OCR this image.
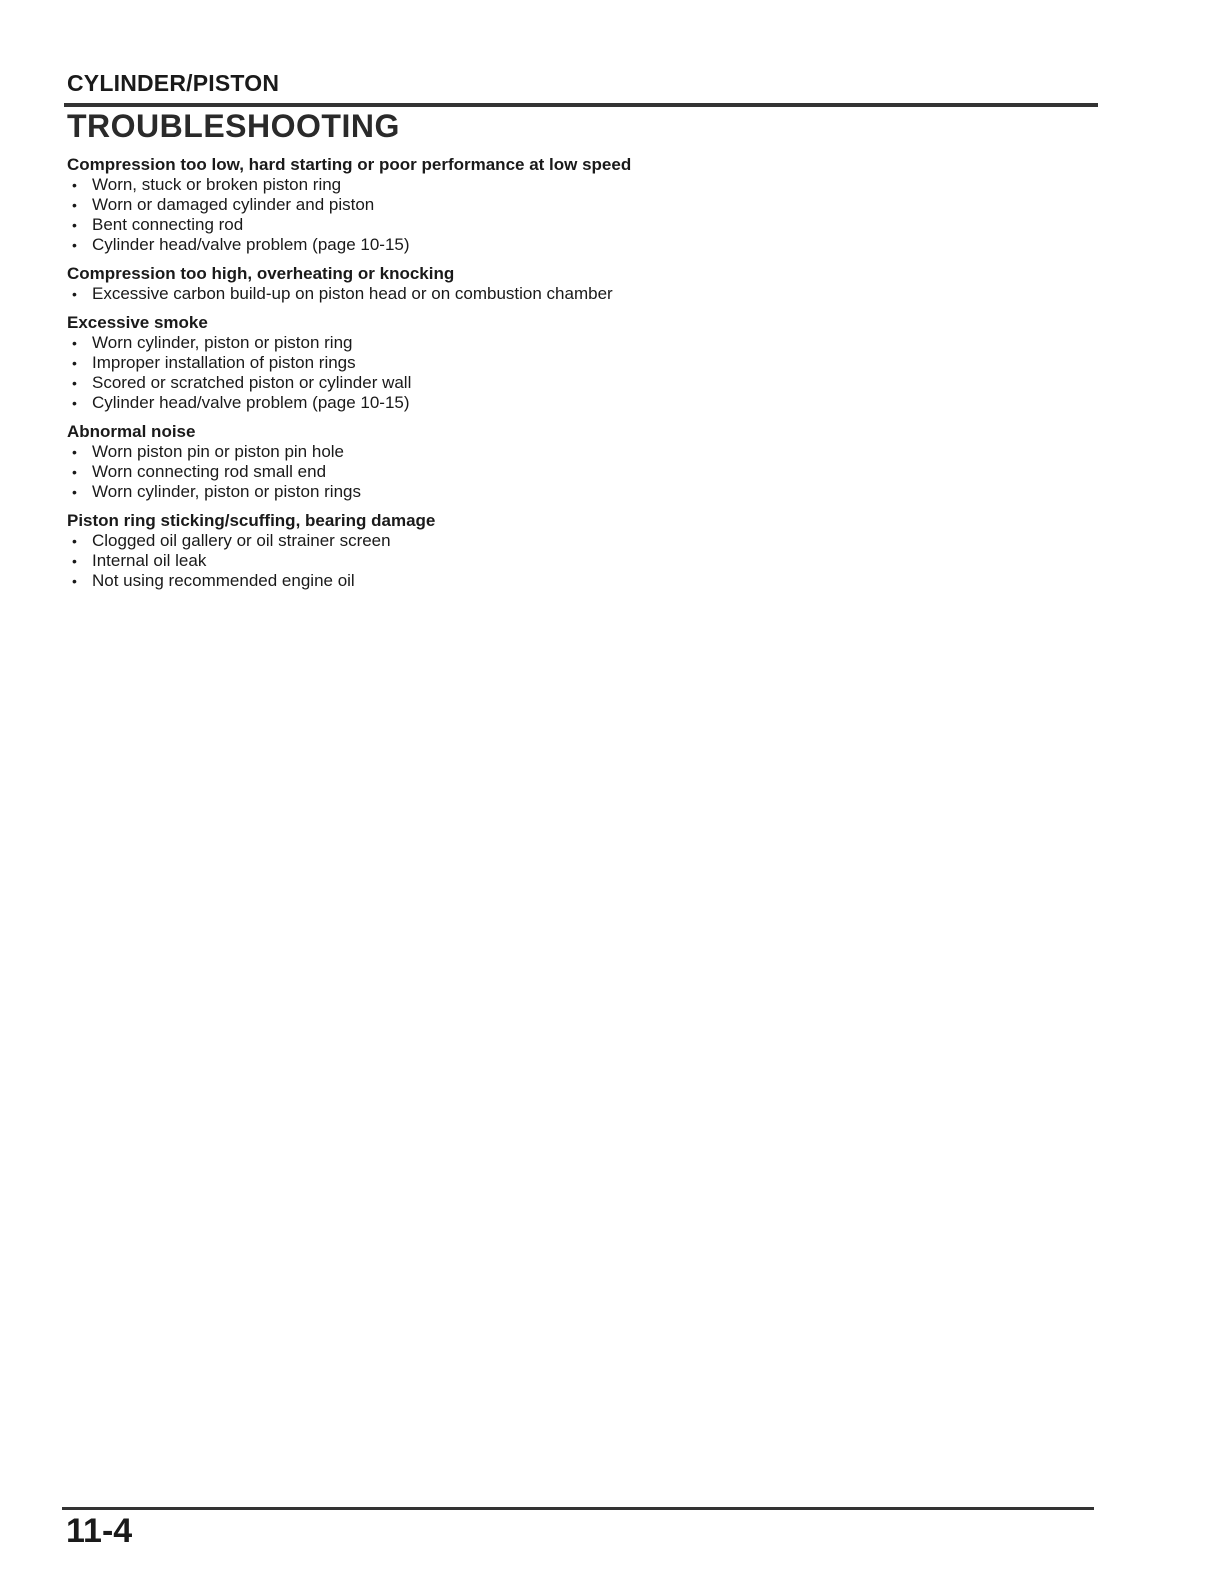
CYLINDER/PISTON
TROUBLESHOOTING

Compression too low, hard starting or poor performance at low speed

• Worn, stuck or broken piston ring
• Worn or damaged cylinder and piston
• Bent connecting rod
• Cylinder head/valve problem (page 10-15)

Compression too high, overheating or knocking

• Excessive carbon build-up on piston head or on combustion chamber

Excessive smoke

• Worn cylinder, piston or piston ring
• Improper installation of piston rings
• Scored or scratched piston or cylinder wall
• Cylinder head/valve problem (page 10-15)

Abnormal noise

• Worn piston pin or piston pin hole
• Worn connecting rod small end
• Worn cylinder, piston or piston rings

Piston ring sticking/scuffing, bearing damage

• Clogged oil gallery or oil strainer screen
• Internal oil leak
• Not using recommended engine oil
11-4
